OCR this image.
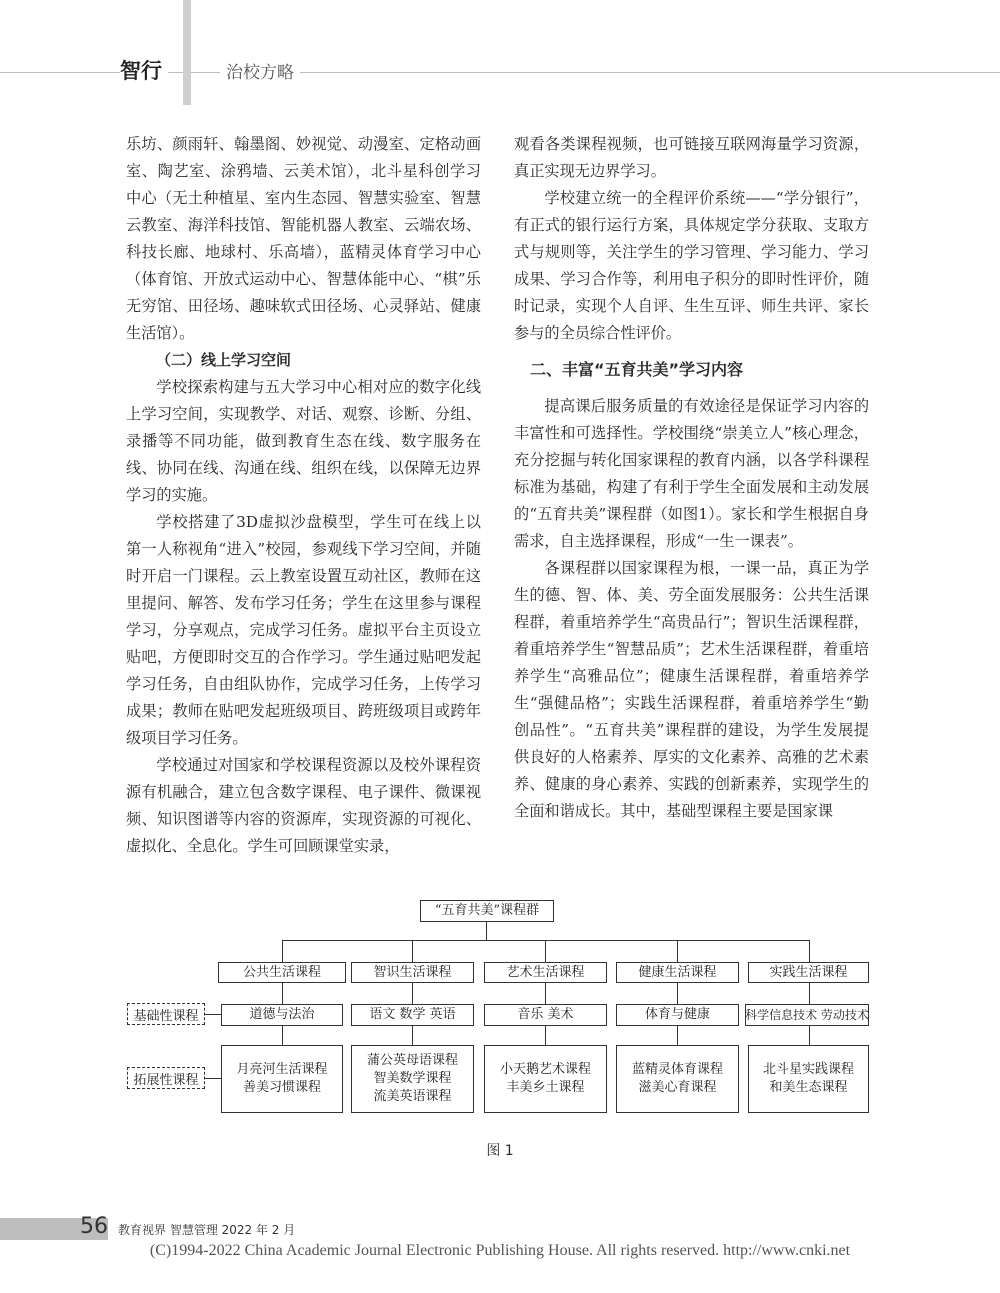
智行	治校方略

乐坊、颜雨轩、翰墨阁、妙视觉、动漫室、定格动画室、陶艺室、涂鸦墙、云美术馆），北斗星科创学习中心（无土种植星、室内生态园、智慧实验室、智慧云教室、海洋科技馆、智能机器人教室、云端农场、科技长廊、地球村、乐高墙），蓝精灵体育学习中心（体育馆、开放式运动中心、智慧体能中心、“棋”乐无穷馆、田径场、趣味软式田径场、心灵驿站、健康生活馆）。

（二）线上学习空间

学校探索构建与五大学习中心相对应的数字化线上学习空间，实现教学、对话、观察、诊断、分组、录播等不同功能，做到教育生态在线、数字服务在线、协同在线、沟通在线、组织在线，以保障无边界学习的实施。

学校搭建了3D虚拟沙盘模型，学生可在线上以第一人称视角“进入”校园，参观线下学习空间，并随时开启一门课程。云上教室设置互动社区，教师在这里提问、解答、发布学习任务；学生在这里参与课程学习，分享观点，完成学习任务。虚拟平台主页设立贴吧，方便即时交互的合作学习。学生通过贴吧发起学习任务，自由组队协作，完成学习任务，上传学习成果；教师在贴吧发起班级项目、跨班级项目或跨年级项目学习任务。

学校通过对国家和学校课程资源以及校外课程资源有机融合，建立包含数字课程、电子课件、微课视频、知识图谱等内容的资源库，实现资源的可视化、虚拟化、全息化。学生可回顾课堂实录，

观看各类课程视频，也可链接互联网海量学习资源，真正实现无边界学习。

学校建立统一的全程评价系统——“学分银行”，有正式的银行运行方案，具体规定学分获取、支取方式与规则等，关注学生的学习管理、学习能力、学习成果、学习合作等，利用电子积分的即时性评价，随时记录，实现个人自评、生生互评、师生共评、家长参与的全员综合性评价。

二、丰富“五育共美”学习内容

提高课后服务质量的有效途径是保证学习内容的丰富性和可选择性。学校围绕“崇美立人”核心理念，充分挖掘与转化国家课程的教育内涵，以各学科课程标准为基础，构建了有利于学生全面发展和主动发展的“五育共美”课程群（如图1）。家长和学生根据自身需求，自主选择课程，形成“一生一课表”。

各课程群以国家课程为根，一课一品，真正为学生的德、智、体、美、劳全面发展服务：公共生活课程群，着重培养学生“高贵品行”；智识生活课程群，着重培养学生“智慧品质”；艺术生活课程群，着重培养学生“高雅品位”；健康生活课程群，着重培养学生“强健品格”；实践生活课程群，着重培养学生“勤创品性”。“五育共美”课程群的建设，为学生发展提供良好的人格素养、厚实的文化素养、高雅的艺术素养、健康的身心素养、实践的创新素养，实现学生的全面和谐成长。其中，基础型课程主要是国家课

“五育共美”课程群
公共生活课程	智识生活课程	艺术生活课程	健康生活课程	实践生活课程
基础性课程
拓展性课程
道德与法治	语文 数学 英语	音乐 美术	体育与健康	科学信息技术 劳动技术
月亮河生活课程
善美习惯课程
蒲公英母语课程
智美数学课程
流美英语课程
小天鹅艺术课程
丰美乡土课程
蓝精灵体育课程
滋美心育课程
北斗星实践课程
和美生态课程
图 1
56 教育视界 智慧管理 2022 年 2 月
(C)1994-2022 China Academic Journal Electronic Publishing House. All rights reserved. http://www.cnki.net
